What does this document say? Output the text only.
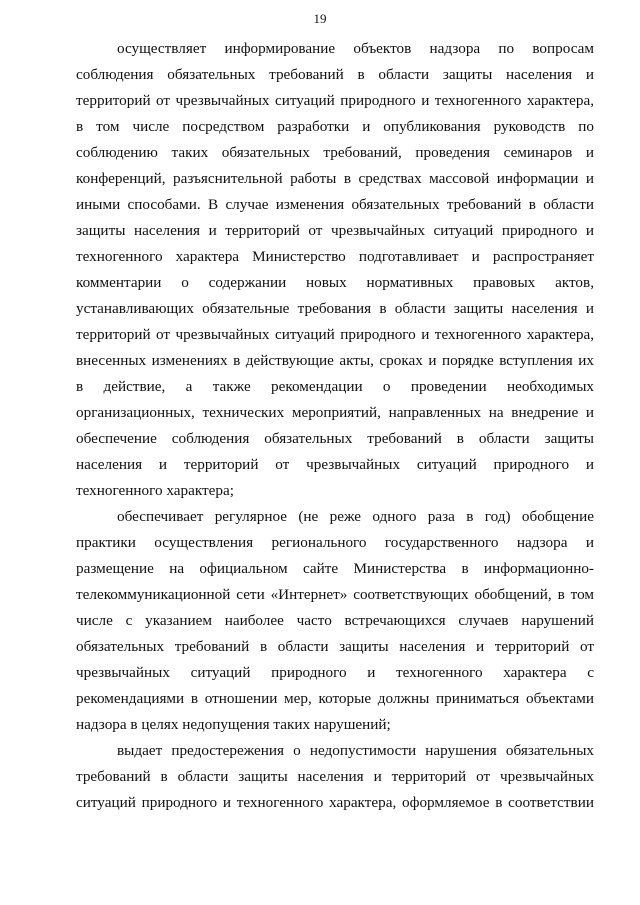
19
осуществляет информирование объектов надзора по вопросам
соблюдения обязательных требований в области защиты населения и
территорий от чрезвычайных ситуаций природного и техногенного характера,
в том числе посредством разработки и опубликования руководств по
соблюдению таких обязательных требований, проведения семинаров и
конференций, разъяснительной работы в средствах массовой информации и
иными способами. В случае изменения обязательных требований в области
защиты населения и территорий от чрезвычайных ситуаций природного и
техногенного характера Министерство подготавливает и распространяет
комментарии о содержании новых нормативных правовых актов,
устанавливающих обязательные требования в области защиты населения и
территорий от чрезвычайных ситуаций природного и техногенного характера,
внесенных изменениях в действующие акты, сроках и порядке вступления их
в действие, а также рекомендации о проведении необходимых
организационных, технических мероприятий, направленных на внедрение и
обеспечение соблюдения обязательных требований в области защиты
населения и территорий от чрезвычайных ситуаций природного и
техногенного характера;
обеспечивает регулярное (не реже одного раза в год) обобщение
практики осуществления регионального государственного надзора и
размещение на официальном сайте Министерства в информационно-
телекоммуникационной сети «Интернет» соответствующих обобщений, в том
числе с указанием наиболее часто встречающихся случаев нарушений
обязательных требований в области защиты населения и территорий от
чрезвычайных ситуаций природного и техногенного характера с
рекомендациями в отношении мер, которые должны приниматься объектами
надзора в целях недопущения таких нарушений;
выдает предостережения о недопустимости нарушения обязательных
требований в области защиты населения и территорий от чрезвычайных
ситуаций природного и техногенного характера, оформляемое в соответствии
